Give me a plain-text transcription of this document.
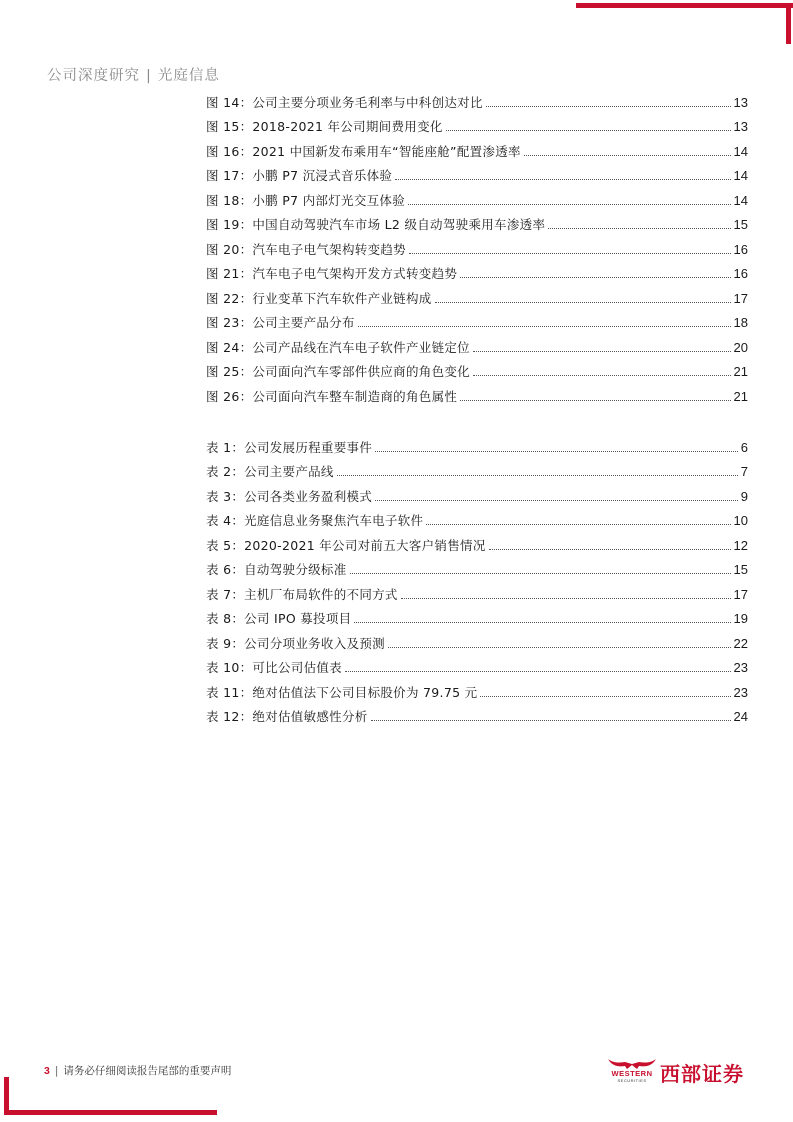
公司深度研究 | 光庭信息
图 14：公司主要分项业务毛利率与中科创达对比	13
图 15：2018-2021 年公司期间费用变化	13
图 16：2021 中国新发布乘用车“智能座舱”配置渗透率	14
图 17：小鹏 P7 沉浸式音乐体验	14
图 18：小鹏 P7 内部灯光交互体验	14
图 19：中国自动驾驶汽车市场 L2 级自动驾驶乘用车渗透率	15
图 20：汽车电子电气架构转变趋势	16
图 21：汽车电子电气架构开发方式转变趋势	16
图 22：行业变革下汽车软件产业链构成	17
图 23：公司主要产品分布	18
图 24：公司产品线在汽车电子软件产业链定位	20
图 25：公司面向汽车零部件供应商的角色变化	21
图 26：公司面向汽车整车制造商的角色属性	21
表 1：公司发展历程重要事件	6
表 2：公司主要产品线	7
表 3：公司各类业务盈利模式	9
表 4：光庭信息业务聚焦汽车电子软件	10
表 5：2020-2021 年公司对前五大客户销售情况	12
表 6：自动驾驶分级标准	15
表 7：主机厂布局软件的不同方式	17
表 8：公司 IPO 募投项目	19
表 9：公司分项业务收入及预测	22
表 10：可比公司估值表	23
表 11：绝对估值法下公司目标股价为 79.75 元	23
表 12：绝对估值敏感性分析	24
3 | 请务必仔细阅读报告尾部的重要声明	WESTERN
SECURITIES 西部证券
